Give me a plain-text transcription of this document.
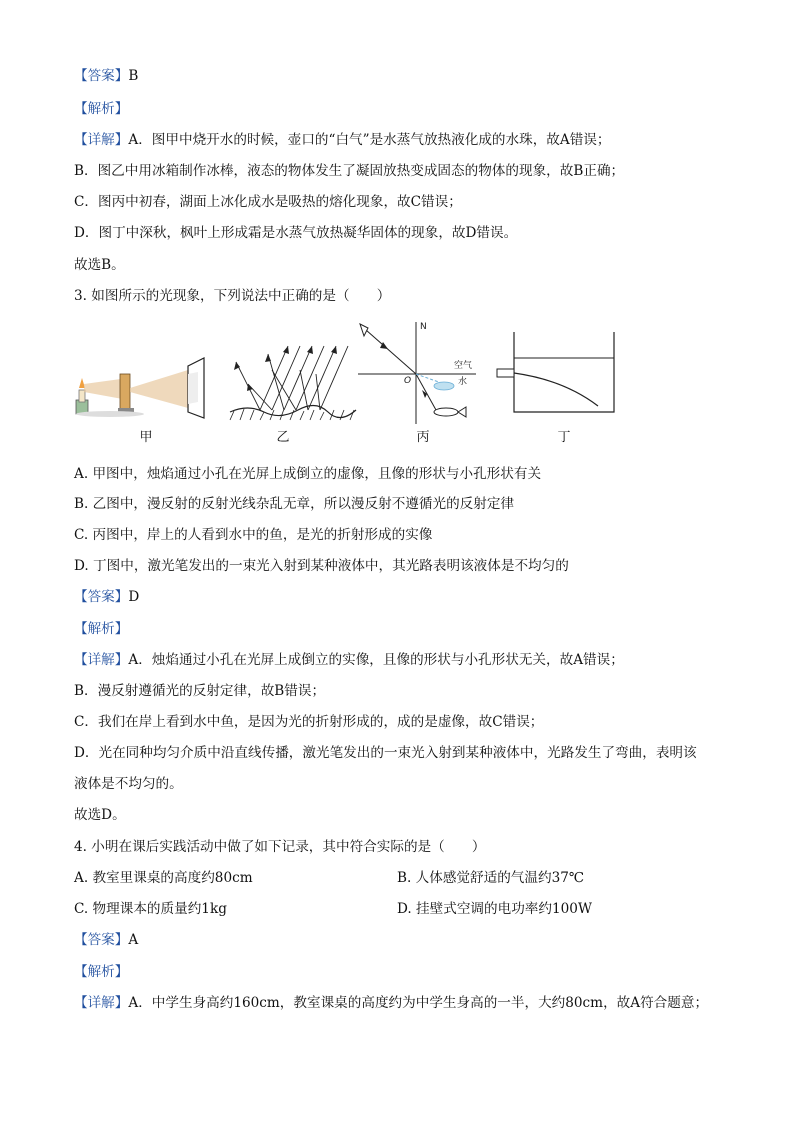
【答案】B
【解析】
【详解】A．图甲中烧开水的时候，壶口的“白气”是水蒸气放热液化成的水珠，故A错误；
B．图乙中用冰箱制作冰棒，液态的物体发生了凝固放热变成固态的物体的现象，故B正确；
C．图丙中初春，湖面上冰化成水是吸热的熔化现象，故C错误；
D．图丁中深秋，枫叶上形成霜是水蒸气放热凝华固体的现象，故D错误。
故选B。
3. 如图所示的光现象，下列说法中正确的是（　　）
甲	乙
N
空气
水
O
丙	丁
A. 甲图中，烛焰通过小孔在光屏上成倒立的虚像，且像的形状与小孔形状有关
B. 乙图中，漫反射的反射光线杂乱无章，所以漫反射不遵循光的反射定律
C. 丙图中，岸上的人看到水中的鱼，是光的折射形成的实像
D. 丁图中，激光笔发出的一束光入射到某种液体中，其光路表明该液体是不均匀的
【答案】D
【解析】
【详解】A．烛焰通过小孔在光屏上成倒立的实像，且像的形状与小孔形状无关，故A错误；
B．漫反射遵循光的反射定律，故B错误；
C．我们在岸上看到水中鱼，是因为光的折射形成的，成的是虚像，故C错误；
D．光在同种均匀介质中沿直线传播，激光笔发出的一束光入射到某种液体中，光路发生了弯曲，表明该
液体是不均匀的。
故选D。
4. 小明在课后实践活动中做了如下记录，其中符合实际的是（　　）
A. 教室里课桌的高度约80cm	B. 人体感觉舒适的气温约37℃
C. 物理课本的质量约1kg	D. 挂壁式空调的电功率约100W
【答案】A
【解析】
【详解】A．中学生身高约160cm，教室课桌的高度约为中学生身高的一半，大约80cm，故A符合题意；
